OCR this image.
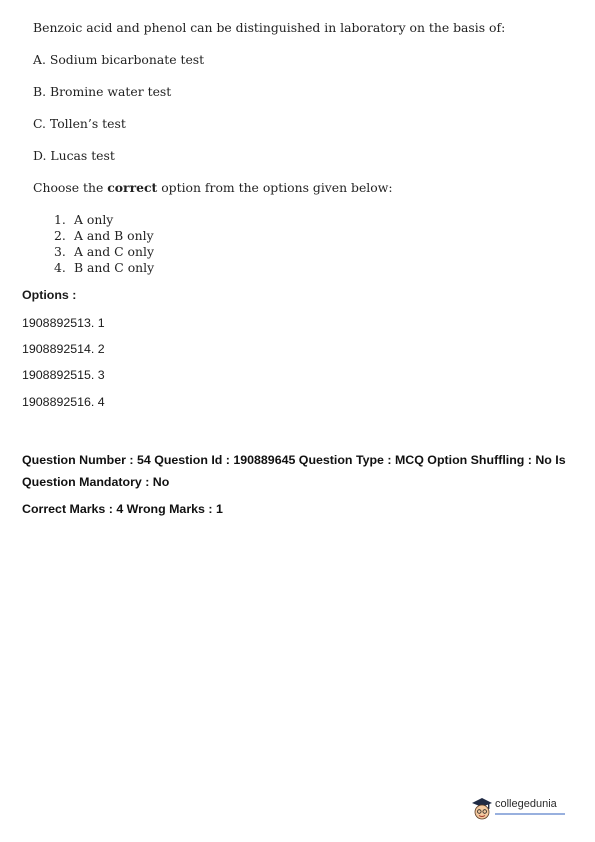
Benzoic acid and phenol can be distinguished in laboratory on the basis of:
A. Sodium bicarbonate test
B. Bromine water test
C. Tollen’s test
D. Lucas test
Choose the correct option from the options given below:
1. A only
2. A and B only
3. A and C only
4. B and C only
Options :
1908892513. 1
1908892514. 2
1908892515. 3
1908892516. 4
Question Number : 54 Question Id : 190889645 Question Type : MCQ Option Shuffling : No Is
Question Mandatory : No
Correct Marks : 4 Wrong Marks : 1
collegedunia
